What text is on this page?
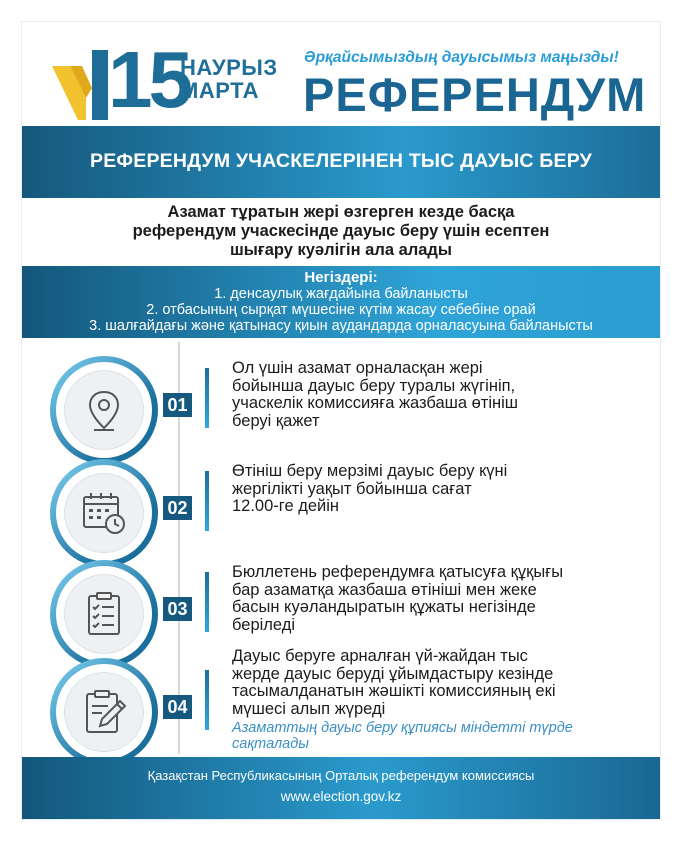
15
НАУРЫЗ
МАРТА
Әрқайсымыздың дауысымыз маңызды!
РЕФЕРЕНДУМ
РЕФЕРЕНДУМ УЧАСКЕЛЕРІНЕН ТЫС ДАУЫС БЕРУ
Азамат тұратын жері өзгерген кезде басқа
референдум учаскесінде дауыс беру үшін есептен
шығару куәлігін ала алады
Негіздері:
1. денсаулық жағдайына байланысты
2. отбасының сырқат мүшесіне күтім жасау себебіне орай
3. шалғайдағы және қатынасу қиын аудандарда орналасуына байланысты
01
Ол үшін азамат орналасқан жері
бойынша дауыс беру туралы жүгініп,
учаскелік комиссияға жазбаша өтініш
беруі қажет
02
Өтініш беру мерзімі дауыс беру күні
жергілікті уақыт бойынша сағат
12.00-ге дейін
03
Бюллетень референдумға қатысуға құқығы
бар азаматқа жазбаша өтініші мен жеке
басын куәландыратын құжаты негізінде
беріледі
04
Дауыс беруге арналған үй-жайдан тыс
жерде дауыс беруді ұйымдастыру кезінде
тасымалданатын жәшікті комиссияның екі
мүшесі алып жүреді
Азаматтың дауыс беру құпиясы міндетті түрде
сақталады
Қазақстан Республикасының Орталық референдум комиссиясы
www.election.gov.kz
